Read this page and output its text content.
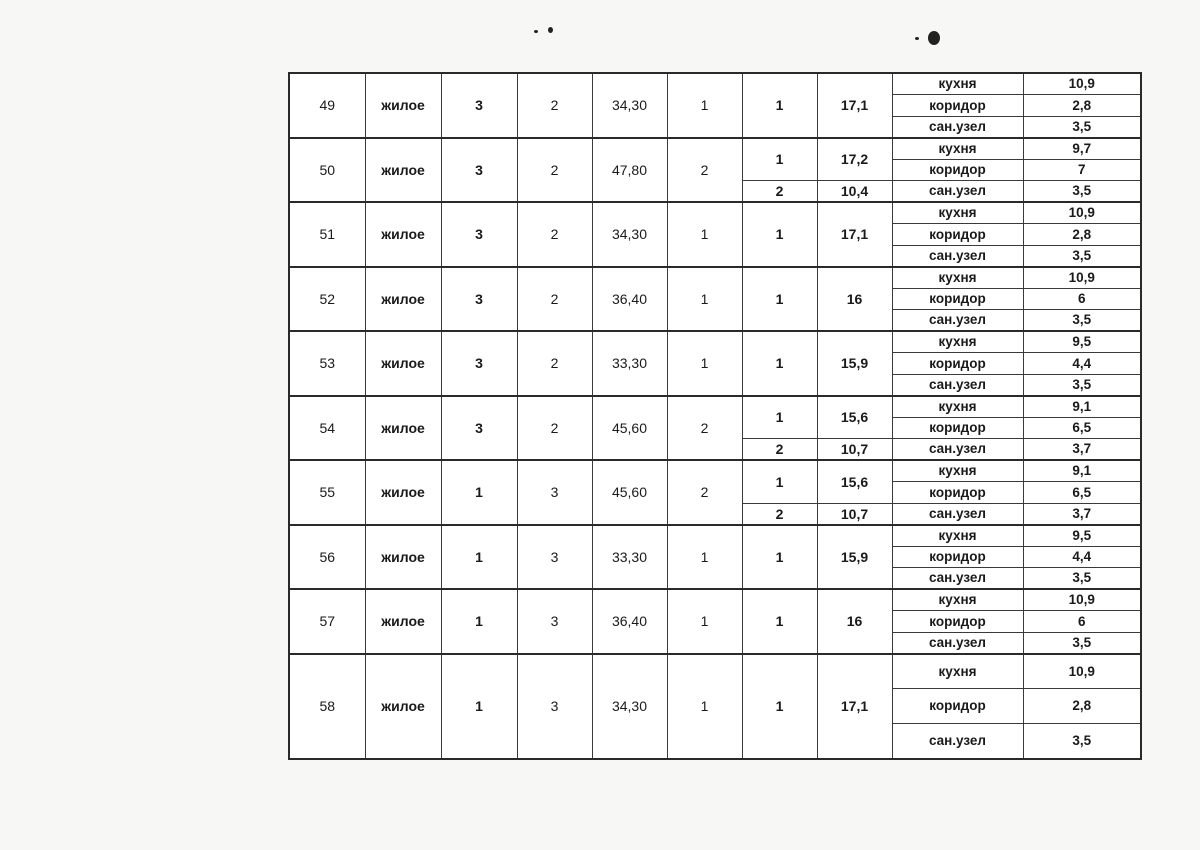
49	жилое	3	2	34,30	1	1	17,1	кухня	10,9
								коридор	2,8
								сан.узел	3,5
50	жилое	3	2	47,80	2	1	17,2	кухня	9,7
								коридор	7
						2	10,4	сан.узел	3,5
51	жилое	3	2	34,30	1	1	17,1	кухня	10,9
								коридор	2,8
								сан.узел	3,5
52	жилое	3	2	36,40	1	1	16	кухня	10,9
								коридор	6
								сан.узел	3,5
53	жилое	3	2	33,30	1	1	15,9	кухня	9,5
								коридор	4,4
								сан.узел	3,5
54	жилое	3	2	45,60	2	1	15,6	кухня	9,1
								коридор	6,5
						2	10,7	сан.узел	3,7
55	жилое	1	3	45,60	2	1	15,6	кухня	9,1
								коридор	6,5
						2	10,7	сан.узел	3,7
56	жилое	1	3	33,30	1	1	15,9	кухня	9,5
								коридор	4,4
								сан.узел	3,5
57	жилое	1	3	36,40	1	1	16	кухня	10,9
								коридор	6
								сан.узел	3,5
58	жилое	1	3	34,30	1	1	17,1	кухня	10,9
								коридор	2,8
								сан.узел	3,5
